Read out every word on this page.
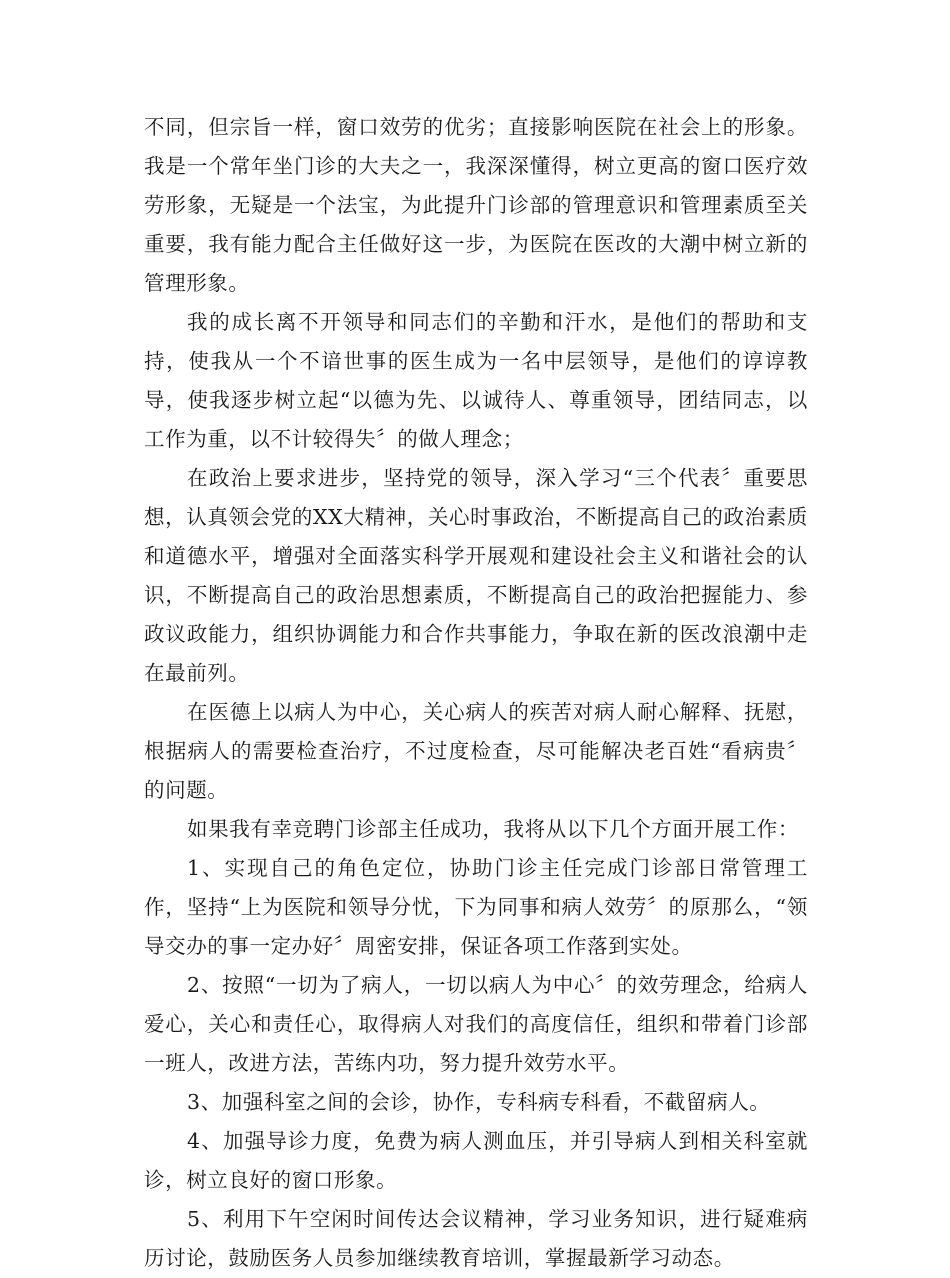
不同，但宗旨一样，窗口效劳的优劣；直接影响医院在社会上的形象。我是一个常年坐门诊的大夫之一，我深深懂得，树立更高的窗口医疗效劳形象，无疑是一个法宝，为此提升门诊部的管理意识和管理素质至关重要，我有能力配合主任做好这一步，为医院在医改的大潮中树立新的管理形象。

我的成长离不开领导和同志们的辛勤和汗水，是他们的帮助和支持，使我从一个不谙世事的医生成为一名中层领导，是他们的谆谆教导，使我逐步树立起“以德为先、以诚待人、尊重领导，团结同志，以工作为重，以不计较得失〞的做人理念；

在政治上要求进步，坚持党的领导，深入学习“三个代表〞重要思想，认真领会党的XX大精神，关心时事政治，不断提高自己的政治素质和道德水平，增强对全面落实科学开展观和建设社会主义和谐社会的认识，不断提高自己的政治思想素质，不断提高自己的政治把握能力、参政议政能力，组织协调能力和合作共事能力，争取在新的医改浪潮中走在最前列。

在医德上以病人为中心，关心病人的疾苦对病人耐心解释、抚慰，根据病人的需要检查治疗，不过度检查，尽可能解决老百姓“看病贵〞的问题。

如果我有幸竞聘门诊部主任成功，我将从以下几个方面开展工作：

1、实现自己的角色定位，协助门诊主任完成门诊部日常管理工作，坚持“上为医院和领导分忧，下为同事和病人效劳〞的原那么，“领导交办的事一定办好〞周密安排，保证各项工作落到实处。

2、按照“一切为了病人，一切以病人为中心〞的效劳理念，给病人爱心，关心和责任心，取得病人对我们的高度信任，组织和带着门诊部一班人，改进方法，苦练内功，努力提升效劳水平。

3、加强科室之间的会诊，协作，专科病专科看，不截留病人。

4、加强导诊力度，免费为病人测血压，并引导病人到相关科室就诊，树立良好的窗口形象。

5、利用下午空闲时间传达会议精神，学习业务知识，进行疑难病历讨论，鼓励医务人员参加继续教育培训，掌握最新学习动态。
